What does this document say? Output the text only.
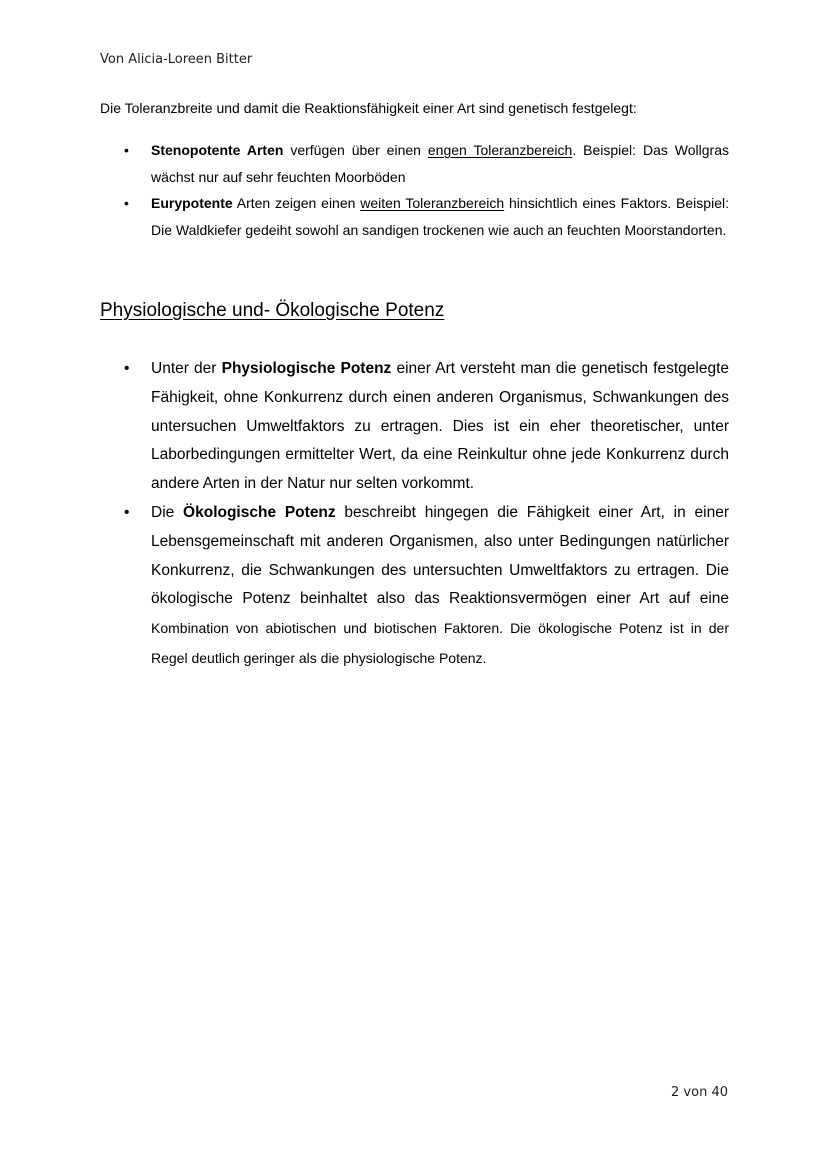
Von Alicia-Loreen Bitter

Die Toleranzbreite und damit die Reaktionsfähigkeit einer Art sind genetisch festgelegt:

• Stenopotente Arten verfügen über einen engen Toleranzbereich. Beispiel: Das Wollgras wächst nur auf sehr feuchten Moorböden
• Eurypotente Arten zeigen einen weiten Toleranzbereich hinsichtlich eines Faktors. Beispiel: Die Waldkiefer gedeiht sowohl an sandigen trockenen wie auch an feuchten Moorstandorten.
Physiologische und- Ökologische Potenz
• Unter der Physiologische Potenz einer Art versteht man die genetisch festgelegte Fähigkeit, ohne Konkurrenz durch einen anderen Organismus, Schwankungen des untersuchen Umweltfaktors zu ertragen. Dies ist ein eher theoretischer, unter Laborbedingungen ermittelter Wert, da eine Reinkultur ohne jede Konkurrenz durch andere Arten in der Natur nur selten vorkommt.
• Die Ökologische Potenz beschreibt hingegen die Fähigkeit einer Art, in einer Lebensgemeinschaft mit anderen Organismen, also unter Bedingungen natürlicher Konkurrenz, die Schwankungen des untersuchten Umweltfaktors zu ertragen. Die ökologische Potenz beinhaltet also das Reaktionsvermögen einer Art auf eine Kombination von abiotischen und biotischen Faktoren. Die ökologische Potenz ist in der Regel deutlich geringer als die physiologische Potenz.
2 von 40
